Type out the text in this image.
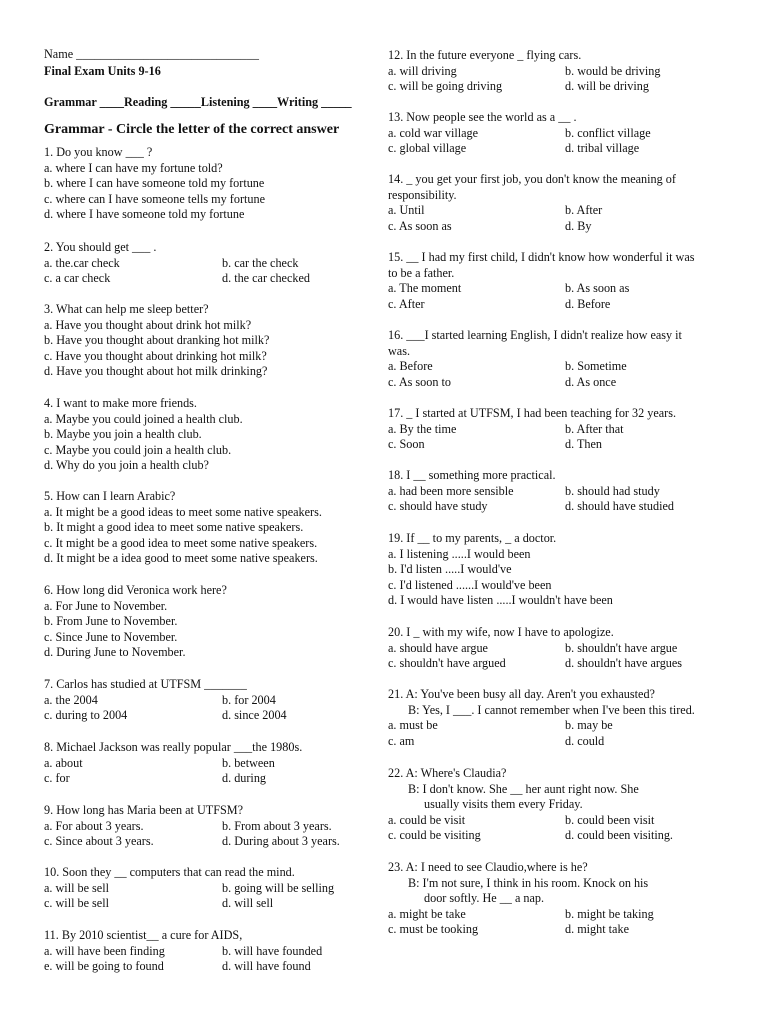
Name ______________________________
Final Exam Units 9-16
Grammar ____Reading _____Listening ____Writing _____
Grammar - Circle the letter of the correct answer
1. Do you know ___ ?
a. where I can have my fortune told?
b. where I can have someone told my fortune
c. where can I have someone tells my fortune
d. where I have someone told my fortune
2. You should get ___ .
a. the.car check	b. car the check
c. a car check	d. the car checked
3. What can help me sleep better?
a. Have you thought about drink hot milk?
b. Have you thought about dranking hot milk?
c. Have you thought about drinking hot milk?
d. Have you thought about hot milk drinking?
4. I want to make more friends.
a. Maybe you could joined a health club.
b. Maybe you join a health club.
c. Maybe you could join a health club.
d. Why do you join a health club?
5. How can I learn Arabic?
a. It might be a good ideas to meet some native speakers.
b. It might a good idea to meet some native speakers.
c. It might be a good idea to meet some native speakers.
d. It might be a idea good to meet some native speakers.
6. How long did Veronica work here?
a. For June to November.
b. From June to November.
c. Since June to November.
d. During June to November.
7. Carlos has studied at UTFSM _______
a. the 2004	b. for 2004
c. during to 2004	d. since 2004
8. Michael Jackson was really popular ___the 1980s.
a. about	b. between
c. for	d. during
9. How long has Maria been at UTFSM?
a. For about 3 years.	b. From about 3 years.
c. Since about 3 years.	d. During about 3 years.
10. Soon they __ computers that can read the mind.
a. will be sell	b. going will be selling
c. will be sell	d. will sell
11. By 2010 scientist__ a cure for AIDS,
a. will have been finding	b. will have founded
e. will be going to found	d. will have found
12. In the future everyone _ flying cars.
a. will driving	b. would be driving
c. will be going driving	d. will be driving
13. Now people see the world as a __ .
a. cold war village	b. conflict village
c. global village	d. tribal village
14. _ you get your first job, you don't know the meaning of
responsibility.
a. Until	b. After
c. As soon as	d. By
15. __ I had my first child, I didn't know how wonderful it was
to be a father.
a. The moment	b. As soon as
c. After	d. Before
16. ___I started learning English, I didn't realize how easy it
was.
a. Before	b. Sometime
c. As soon to	d. As once
17. _ I started at UTFSM, I had been teaching for 32 years.
a. By the time	b. After that
c. Soon	d. Then
18. I __ something more practical.
a. had been more sensible	b. should had study
c. should have study	d. should have studied
19. If __ to my parents, _ a doctor.
a. I listening .....I would been
b. I'd listen .....I would've
c. I'd listened ......I would've been
d. I would have listen .....I wouldn't have been
20. I _ with my wife, now I have to apologize.
a. should have argue	b. shouldn't have argue
c. shouldn't have argued	d. shouldn't have argues
21. A: You've been busy all day. Aren't you exhausted?
B: Yes, I ___. I cannot remember when I've been this tired.
a. must be	b. may be
c. am	d. could
22. A: Where's Claudia?
B: I don't know. She __ her aunt right now. She
usually visits them every Friday.
a. could be visit	b. could been visit
c. could be visiting	d. could been visiting.
23. A: I need to see Claudio,where is he?
B: I'm not sure, I think in his room. Knock on his
door softly. He __ a nap.
a. might be take	b. might be taking
c. must be tooking	d. might take
